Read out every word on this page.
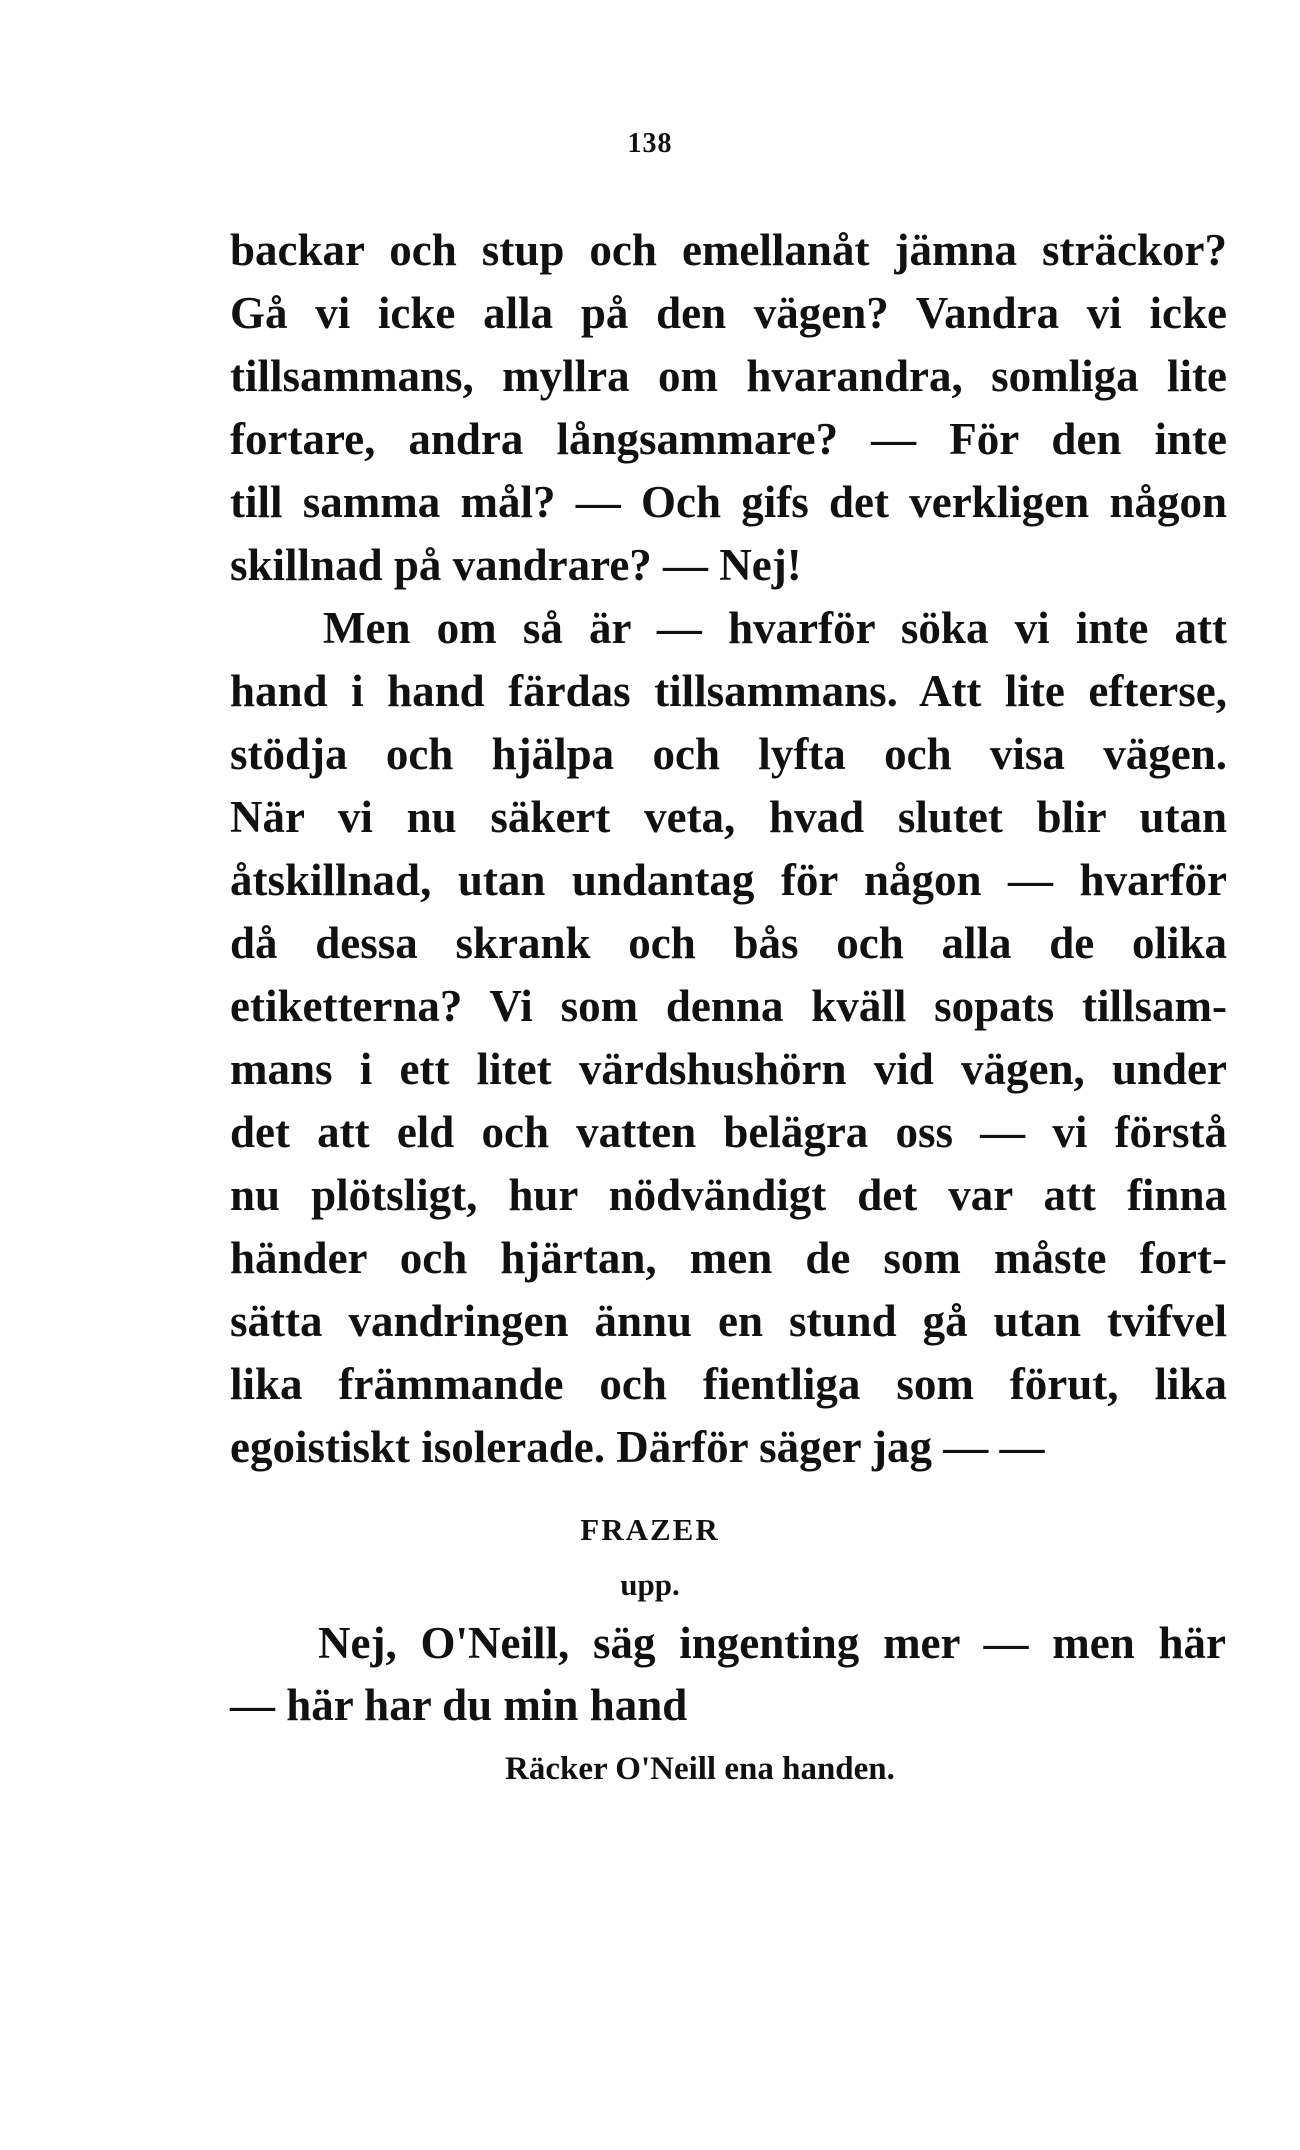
138
backar och stup och emellanåt jämna sträckor?
Gå vi icke alla på den vägen? Vandra vi icke
tillsammans, myllra om hvarandra, somliga lite
fortare, andra långsammare? — För den inte
till samma mål? — Och gifs det verkligen någon
skillnad på vandrare? — Nej!
Men om så är — hvarför söka vi inte att
hand i hand färdas tillsammans. Att lite efterse,
stödja och hjälpa och lyfta och visa vägen.
När vi nu säkert veta, hvad slutet blir utan
åtskillnad, utan undantag för någon — hvarför
då dessa skrank och bås och alla de olika
etiketterna? Vi som denna kväll sopats tillsam-
mans i ett litet värdshushörn vid vägen, under
det att eld och vatten belägra oss — vi förstå
nu plötsligt, hur nödvändigt det var att finna
händer och hjärtan, men de som måste fort-
sätta vandringen ännu en stund gå utan tvifvel
lika främmande och fientliga som förut, lika
egoistiskt isolerade. Därför säger jag — —
FRAZER
upp.
Nej, O'Neill, säg ingenting mer — men här
— här har du min hand
Räcker O'Neill ena handen.
